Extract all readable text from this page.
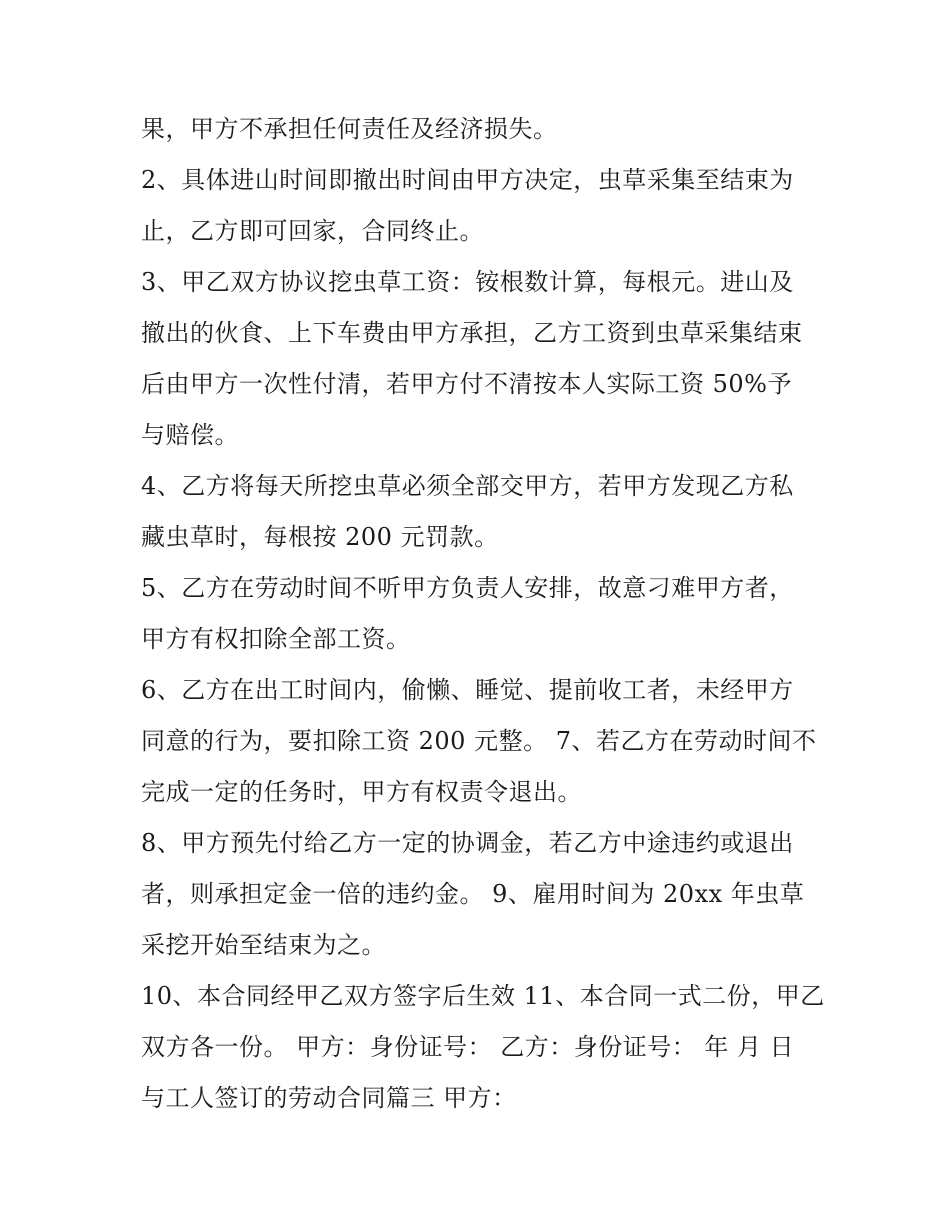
果，甲方不承担任何责任及经济损失。
2、具体进山时间即撤出时间由甲方决定，虫草采集至结束为
止，乙方即可回家，合同终止。
3、甲乙双方协议挖虫草工资：铵根数计算，每根元。进山及
撤出的伙食、上下车费由甲方承担，乙方工资到虫草采集结束
后由甲方一次性付清，若甲方付不清按本人实际工资 50%予
与赔偿。
4、乙方将每天所挖虫草必须全部交甲方，若甲方发现乙方私
藏虫草时，每根按 200 元罚款。
5、乙方在劳动时间不听甲方负责人安排，故意刁难甲方者，
甲方有权扣除全部工资。
6、乙方在出工时间内，偷懒、睡觉、提前收工者，未经甲方
同意的行为，要扣除工资 200 元整。 7、若乙方在劳动时间不
完成一定的任务时，甲方有权责令退出。
8、甲方预先付给乙方一定的协调金，若乙方中途违约或退出
者，则承担定金一倍的违约金。 9、雇用时间为 20xx 年虫草
采挖开始至结束为之。
10、本合同经甲乙双方签字后生效 11、本合同一式二份，甲乙
双方各一份。 甲方：身份证号： 乙方：身份证号： 年 月 日
与工人签订的劳动合同篇三 甲方：
